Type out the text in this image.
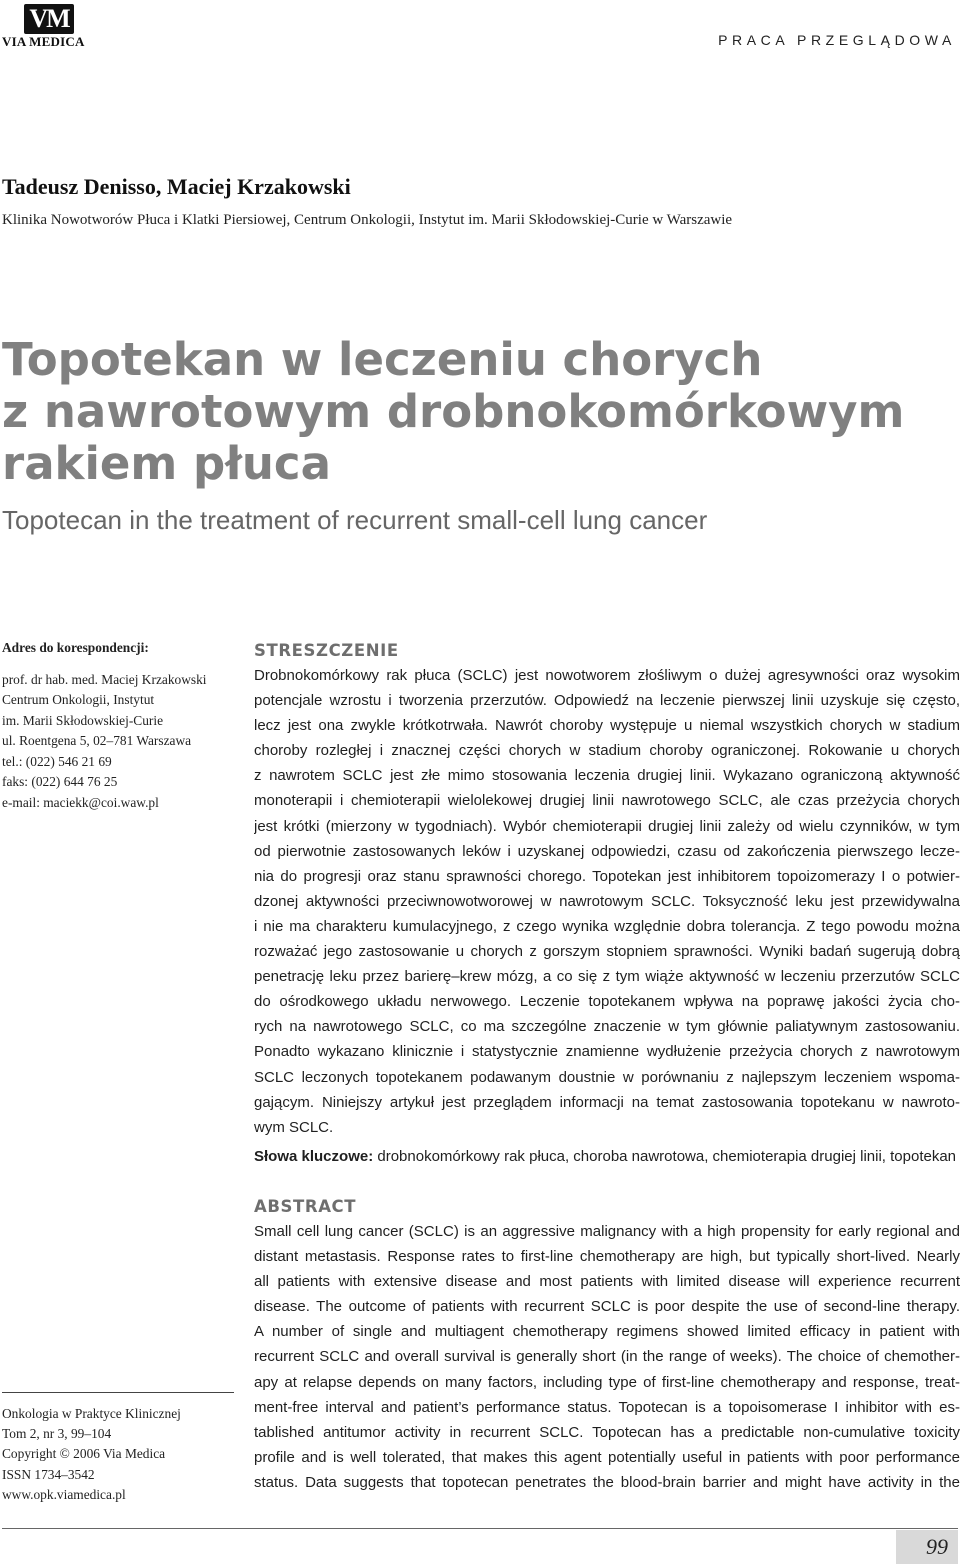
VM
VIA MEDICA	PRACA PRZEGLĄDOWA
Tadeusz Denisso, Maciej Krzakowski
Klinika Nowotworów Płuca i Klatki Piersiowej, Centrum Onkologii, Instytut im. Marii Skłodowskiej-Curie w Warszawie
Topotekan w leczeniu chorych
z nawrotowym drobnokomórkowym
rakiem płuca
Topotecan in the treatment of recurrent small-cell lung cancer
Adres do korespondencji:
prof. dr hab. med. Maciej Krzakowski
Centrum Onkologii, Instytut
im. Marii Skłodowskiej-Curie
ul. Roentgena 5, 02–781 Warszawa
tel.: (022) 546 21 69
faks: (022) 644 76 25
e-mail: maciekk@coi.waw.pl
STRESZCZENIE
Drobnokomórkowy rak płuca (SCLC) jest nowotworem złośliwym o dużej agresywności oraz wysokim
potencjale wzrostu i tworzenia przerzutów. Odpowiedź na leczenie pierwszej linii uzyskuje się często,
lecz jest ona zwykle krótkotrwała. Nawrót choroby występuje u niemal wszystkich chorych w stadium
choroby rozległej i znacznej części chorych w stadium choroby ograniczonej. Rokowanie u chorych
z nawrotem SCLC jest złe mimo stosowania leczenia drugiej linii. Wykazano ograniczoną aktywność
monoterapii i chemioterapii wielolekowej drugiej linii nawrotowego SCLC, ale czas przeżycia chorych
jest krótki (mierzony w tygodniach). Wybór chemioterapii drugiej linii zależy od wielu czynników, w tym
od pierwotnie zastosowanych leków i uzyskanej odpowiedzi, czasu od zakończenia pierwszego lecze-
nia do progresji oraz stanu sprawności chorego. Topotekan jest inhibitorem topoizomerazy I o potwier-
dzonej aktywności przeciwnowotworowej w nawrotowym SCLC. Toksyczność leku jest przewidywalna
i nie ma charakteru kumulacyjnego, z czego wynika względnie dobra tolerancja. Z tego powodu można
rozważać jego zastosowanie u chorych z gorszym stopniem sprawności. Wyniki badań sugerują dobrą
penetrację leku przez barierę–krew mózg, a co się z tym wiąże aktywność w leczeniu przerzutów SCLC
do ośrodkowego układu nerwowego. Leczenie topotekanem wpływa na poprawę jakości życia cho-
rych na nawrotowego SCLC, co ma szczególne znaczenie w tym głównie paliatywnym zastosowaniu.
Ponadto wykazano klinicznie i statystycznie znamienne wydłużenie przeżycia chorych z nawrotowym
SCLC leczonych topotekanem podawanym doustnie w porównaniu z najlepszym leczeniem wspoma-
gającym. Niniejszy artykuł jest przeglądem informacji na temat zastosowania topotekanu w nawroto-
wym SCLC.
Słowa kluczowe: drobnokomórkowy rak płuca, choroba nawrotowa, chemioterapia drugiej linii, topotekan
ABSTRACT
Small cell lung cancer (SCLC) is an aggressive malignancy with a high propensity for early regional and
distant metastasis. Response rates to first-line chemotherapy are high, but typically short-lived. Nearly
all patients with extensive disease and most patients with limited disease will experience recurrent
disease. The outcome of patients with recurrent SCLC is poor despite the use of second-line therapy.
A number of single and multiagent chemotherapy regimens showed limited efficacy in patient with
recurrent SCLC and overall survival is generally short (in the range of weeks). The choice of chemother-
apy at relapse depends on many factors, including type of first-line chemotherapy and response, treat-
ment-free interval and patient’s performance status. Topotecan is a topoisomerase I inhibitor with es-
tablished antitumor activity in recurrent SCLC. Topotecan has a predictable non-cumulative toxicity
profile and is well tolerated, that makes this agent potentially useful in patients with poor performance
status. Data suggests that topotecan penetrates the blood-brain barrier and might have activity in the
Onkologia w Praktyce Klinicznej
Tom 2, nr 3, 99–104
Copyright © 2006 Via Medica
ISSN 1734–3542
www.opk.viamedica.pl
99
